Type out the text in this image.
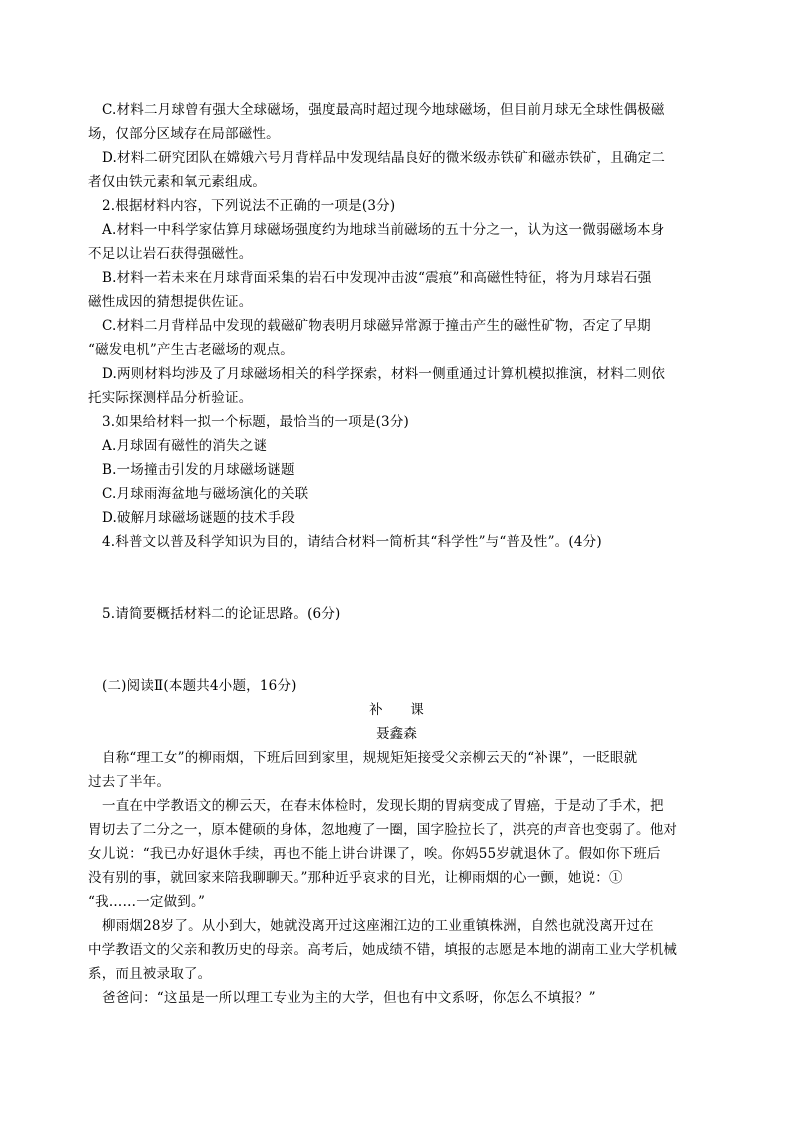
C.材料二月球曾有强大全球磁场，强度最高时超过现今地球磁场，但目前月球无全球性偶极磁
场，仅部分区域存在局部磁性。
D.材料二研究团队在嫦娥六号月背样品中发现结晶良好的微米级赤铁矿和磁赤铁矿，且确定二
者仅由铁元素和氧元素组成。
2.根据材料内容，下列说法不正确的一项是(3分)
A.材料一中科学家估算月球磁场强度约为地球当前磁场的五十分之一，认为这一微弱磁场本身
不足以让岩石获得强磁性。
B.材料一若未来在月球背面采集的岩石中发现冲击波“震痕”和高磁性特征，将为月球岩石强
磁性成因的猜想提供佐证。
C.材料二月背样品中发现的载磁矿物表明月球磁异常源于撞击产生的磁性矿物，否定了早期
“磁发电机”产生古老磁场的观点。
D.两则材料均涉及了月球磁场相关的科学探索，材料一侧重通过计算机模拟推演，材料二则依
托实际探测样品分析验证。
3.如果给材料一拟一个标题，最恰当的一项是(3分)
A.月球固有磁性的消失之谜
B.一场撞击引发的月球磁场谜题
C.月球雨海盆地与磁场演化的关联
D.破解月球磁场谜题的技术手段
4.科普文以普及科学知识为目的，请结合材料一简析其“科学性”与“普及性”。(4分)
5.请简要概括材料二的论证思路。(6分)
(二)阅读Ⅱ(本题共4小题，16分)
补　　课
聂鑫森
自称“理工女”的柳雨烟，下班后回到家里，规规矩矩接受父亲柳云天的“补课”，一眨眼就
过去了半年。
一直在中学教语文的柳云天，在春末体检时，发现长期的胃病变成了胃癌，于是动了手术，把
胃切去了二分之一，原本健硕的身体，忽地瘦了一圈，国字脸拉长了，洪亮的声音也变弱了。他对
女儿说：“我已办好退休手续，再也不能上讲台讲课了，唉。你妈55岁就退休了。假如你下班后
没有别的事，就回家来陪我聊聊天。”那种近乎哀求的目光，让柳雨烟的心一颤，她说：①
“我……一定做到。”
柳雨烟28岁了。从小到大，她就没离开过这座湘江边的工业重镇株洲，自然也就没离开过在
中学教语文的父亲和教历史的母亲。高考后，她成绩不错，填报的志愿是本地的湖南工业大学机械
系，而且被录取了。
爸爸问：“这虽是一所以理工专业为主的大学，但也有中文系呀，你怎么不填报？”
